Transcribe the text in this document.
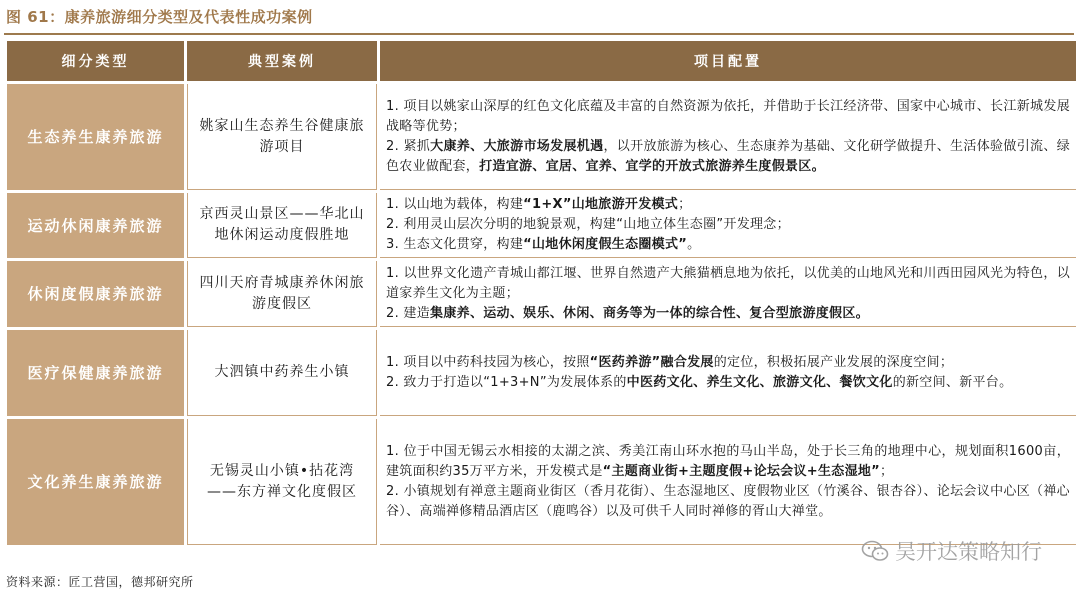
图 61：康养旅游细分类型及代表性成功案例
细分类型	典型案例	项目配置
生态养生康养旅游	姚家山生态养生谷健康旅游项目	1. 项目以姚家山深厚的红色文化底蕴及丰富的自然资源为依托，并借助于长江经济带、国家中心城市、长江新城发展战略等优势；

2. 紧抓大康养、大旅游市场发展机遇，以开放旅游为核心、生态康养为基础、文化研学做提升、生活体验做引流、绿色农业做配套，打造宜游、宜居、宜养、宜学的开放式旅游养生度假景区。

运动休闲康养旅游	京西灵山景区——华北山地休闲运动度假胜地	1. 以山地为载体，构建“1+X”山地旅游开发模式；

2. 利用灵山层次分明的地貌景观，构建“山地立体生态圈”开发理念；

3. 生态文化贯穿，构建“山地休闲度假生态圈模式”。

休闲度假康养旅游	四川天府青城康养休闲旅游度假区	1. 以世界文化遗产青城山都江堰、世界自然遗产大熊猫栖息地为依托，以优美的山地风光和川西田园风光为特色，以道家养生文化为主题；

2. 建造集康养、运动、娱乐、休闲、商务等为一体的综合性、复合型旅游度假区。

医疗保健康养旅游	大泗镇中药养生小镇	1. 项目以中药科技园为核心，按照“医药养游”融合发展的定位，积极拓展产业发展的深度空间；

2. 致力于打造以“1+3+N”为发展体系的中医药文化、养生文化、旅游文化、餐饮文化的新空间、新平台。

文化养生康养旅游	无锡灵山小镇•拈花湾——东方禅文化度假区	1. 位于中国无锡云水相接的太湖之滨、秀美江南山环水抱的马山半岛，处于长三角的地理中心，规划面积1600亩，建筑面积约35万平方米，开发模式是“主题商业街+主题度假+论坛会议+生态湿地”；

2. 小镇规划有禅意主题商业街区（香月花街）、生态湿地区、度假物业区（竹溪谷、银杏谷）、论坛会议中心区（禅心谷）、高端禅修精品酒店区（鹿鸣谷）以及可供千人同时禅修的胥山大禅堂。

资料来源：匠工营国，德邦研究所
吴开达策略知行
